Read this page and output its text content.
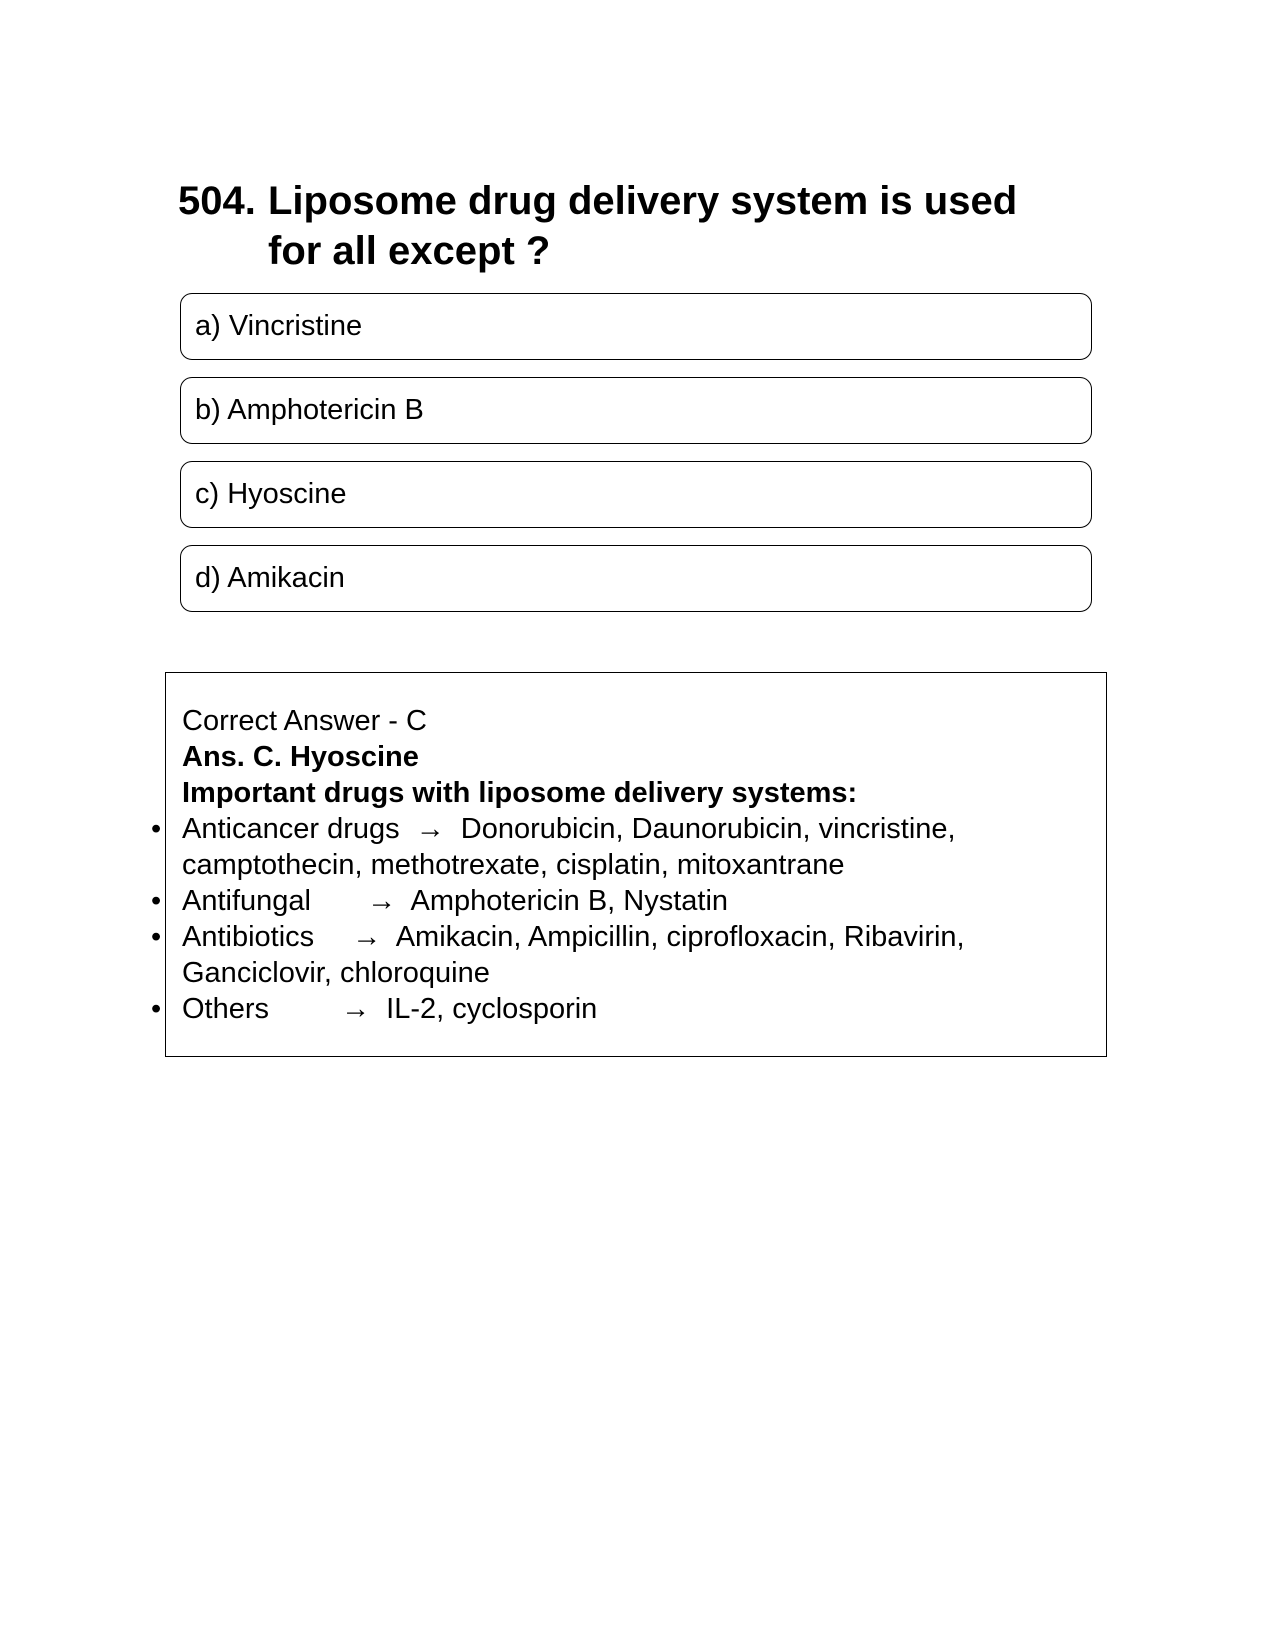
504. Liposome drug delivery system is used for all except ?
a) Vincristine
b) Amphotericin B
c) Hyoscine
d) Amikacin
Correct Answer - C
Ans. C. Hyoscine
Important drugs with liposome delivery systems:
• Anticancer drugs → Donorubicin, Daunorubicin, vincristine, camptothecin, methotrexate, cisplatin, mitoxantrane
• Antifungal → Amphotericin B, Nystatin
• Antibiotics → Amikacin, Ampicillin, ciprofloxacin, Ribavirin, Ganciclovir, chloroquine
• Others → IL-2, cyclosporin
